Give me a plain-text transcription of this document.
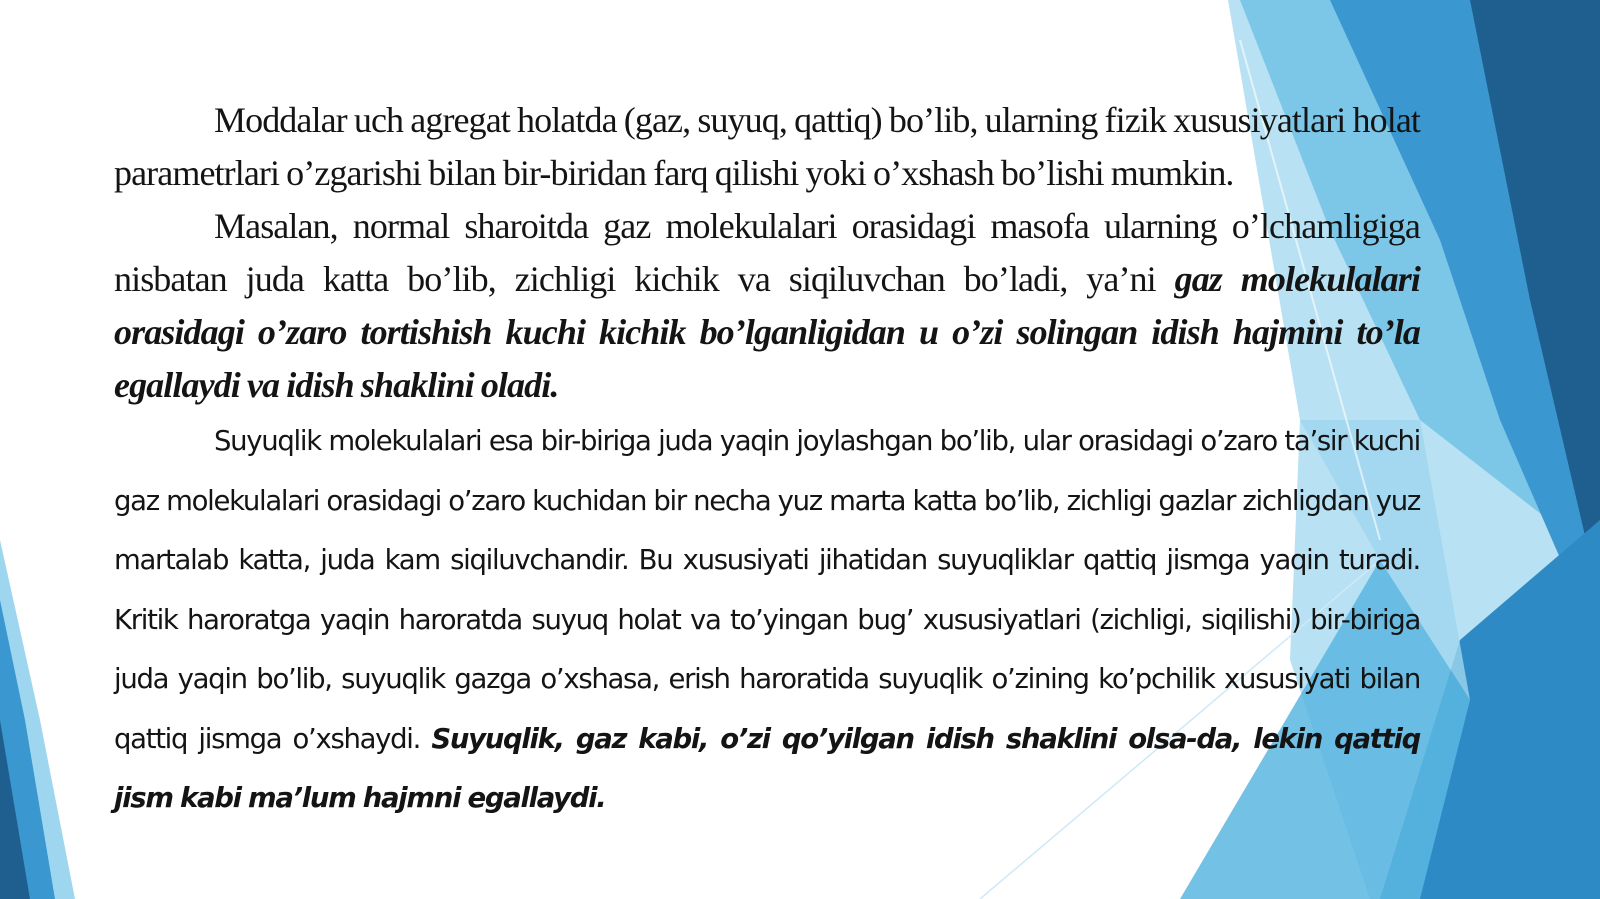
Moddalar uch agregat holatda (gaz, suyuq, qattiq) bo’lib, ularning fizik xususiyatlari holat parametrlari o’zgarishi bilan bir-biridan farq qilishi yoki o’xshash bo’lishi mumkin.

Masalan, normal sharoitda gaz molekulalari orasidagi masofa ularning o’lchamligiga nisbatan juda katta bo’lib, zichligi kichik va siqiluvchan bo’ladi, ya’ni gaz molekulalari orasidagi o’zaro tortishish kuchi kichik bo’lganligidan u o’zi solingan idish hajmini to’la egallaydi va idish shaklini oladi.

Suyuqlik molekulalari esa bir-biriga juda yaqin joylashgan bo’lib, ular orasidagi o’zaro ta’sir kuchi gaz molekulalari orasidagi o’zaro kuchidan bir necha yuz marta katta bo’lib, zichligi gazlar zichligdan yuz martalab katta, juda kam siqiluvchandir. Bu xususiyati jihatidan suyuqliklar qattiq jismga yaqin turadi. Kritik haroratga yaqin haroratda suyuq holat va to’yingan bug’ xususiyatlari (zichligi, siqilishi) bir-biriga juda yaqin bo’lib, suyuqlik gazga o’xshasa, erish haroratida suyuqlik o’zining ko’pchilik xususiyati bilan qattiq jismga o’xshaydi. Suyuqlik, gaz kabi, o’zi qo’yilgan idish shaklini olsa-da, lekin qattiq jism kabi ma’lum hajmni egallaydi.
